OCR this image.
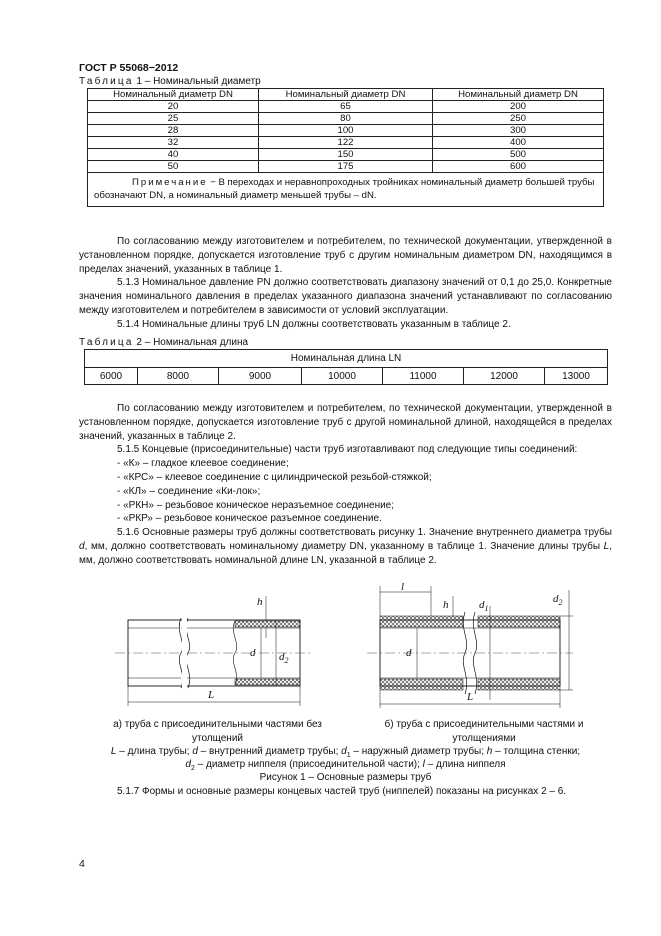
ГОСТ Р 55068−2012
Таблица 1 – Номинальный диаметр
Номинальный диаметр DN	Номинальный диаметр DN	Номинальный диаметр DN
20	65	200
25	80	250
28	100	300
32	122	400
40	150	500
50	175	600
Примечание − В переходах и неравнопроходных тройниках номинальный диаметр большей трубы обозначают DN, а номинальный диаметр меньшей трубы – dN.		

По согласованию между изготовителем и потребителем, по технической документации, утвержденной в установленном порядке, допускается изготовление труб с другим номинальным диаметром DN, находящимся в пределах значений, указанных в таблице 1.

5.1.3 Номинальное давление PN должно соответствовать диапазону значений от 0,1 до 25,0. Конкретные значения номинального давления в пределах указанного диапазона значений устанавливают по согласованию между изготовителем и потребителем в зависимости от условий эксплуатации.

5.1.4 Номинальные длины труб LN должны соответствовать указанным в таблице 2.

Таблица 2 – Номинальная длина
Номинальная длина LN
6000	8000	9000	10000	11000	12000	13000

По согласованию между изготовителем и потребителем, по технической документации, утвержденной в установленном порядке, допускается изготовление труб с другой номинальной длиной, находящейся в пределах значений, указанных в таблице 2.

5.1.5 Концевые (присоединительные) части труб изготавливают под следующие типы соединений:

- «К» – гладкое клеевое соединение;

- «КРС» – клеевое соединение с цилиндрической резьбой-стяжкой;

- «КЛ» – соединение «Ки-лок»;

- «РКН» – резьбовое коническое неразъемное соединение;

- «РКР» – резьбовое коническое разъемное соединение.

5.1.6 Основные размеры труб должны соответствовать рисунку 1. Значение внутреннего диаметра трубы d, мм, должно соответствовать номинальному диаметру DN, указанному в таблице 1. Значение длины трубы L, мм, должно соответствовать номинальной длине LN, указанной в таблице 2.

h
d $d_2$
L
l
h
d
$d_1$
$d_2$
L
а) труба с присоединительными частями без утолщений
б) труба с присоединительными частями и утолщениями
L – длина трубы; d – внутренний диаметр трубы; $d_1$ – наружный диаметр трубы; h – толщина стенки;
$d_2$ – диаметр ниппеля (присоединительной части); l – длина ниппеля
Рисунок 1 – Основные размеры труб

5.1.7 Формы и основные размеры концевых частей труб (ниппелей) показаны на рисунках 2 – 6.

4
